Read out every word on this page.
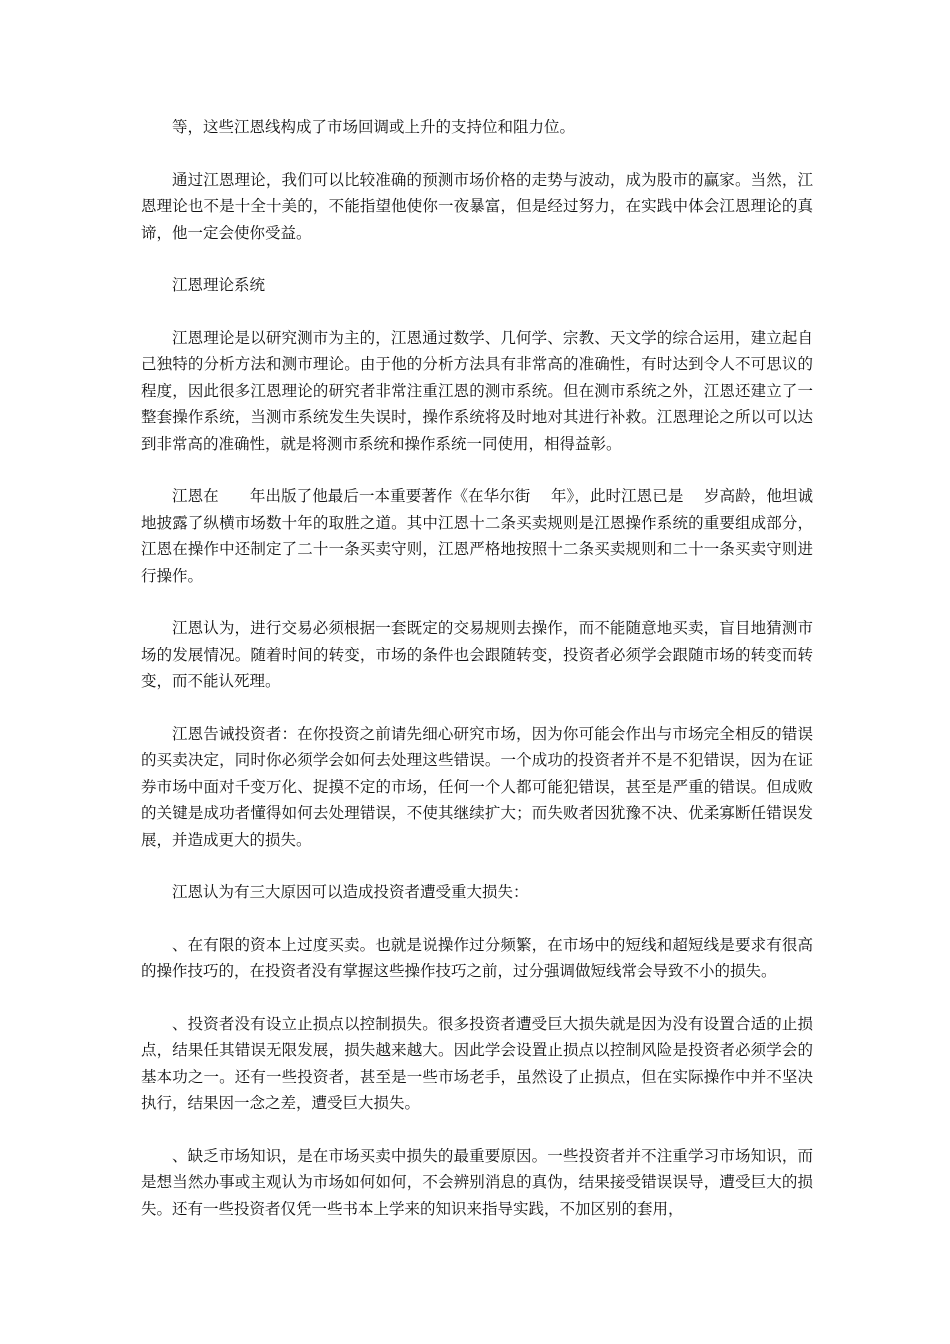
等，这些江恩线构成了市场回调或上升的支持位和阻力位。

通过江恩理论，我们可以比较准确的预测市场价格的走势与波动，成为股市的赢家。当然，江恩理论也不是十全十美的，不能指望他使你一夜暴富，但是经过努力，在实践中体会江恩理论的真谛，他一定会使你受益。

江恩理论系统

江恩理论是以研究测市为主的，江恩通过数学、几何学、宗教、天文学的综合运用，建立起自己独特的分析方法和测市理论。由于他的分析方法具有非常高的准确性，有时达到令人不可思议的程度，因此很多江恩理论的研究者非常注重江恩的测市系统。但在测市系统之外，江恩还建立了一整套操作系统，当测市系统发生失误时，操作系统将及时地对其进行补救。江恩理论之所以可以达到非常高的准确性，就是将测市系统和操作系统一同使用，相得益彰。

江恩在　　年出版了他最后一本重要著作《在华尔街　 年》，此时江恩已是　 岁高龄，他坦诚地披露了纵横市场数十年的取胜之道。其中江恩十二条买卖规则是江恩操作系统的重要组成部分，江恩在操作中还制定了二十一条买卖守则，江恩严格地按照十二条买卖规则和二十一条买卖守则进行操作。

江恩认为，进行交易必须根据一套既定的交易规则去操作，而不能随意地买卖，盲目地猜测市场的发展情况。随着时间的转变，市场的条件也会跟随转变，投资者必须学会跟随市场的转变而转变，而不能认死理。

江恩告诫投资者：在你投资之前请先细心研究市场，因为你可能会作出与市场完全相反的错误的买卖决定，同时你必须学会如何去处理这些错误。一个成功的投资者并不是不犯错误，因为在证券市场中面对千变万化、捉摸不定的市场，任何一个人都可能犯错误，甚至是严重的错误。但成败的关键是成功者懂得如何去处理错误，不使其继续扩大；而失败者因犹豫不决、优柔寡断任错误发展，并造成更大的损失。

江恩认为有三大原因可以造成投资者遭受重大损失：

、在有限的资本上过度买卖。也就是说操作过分频繁，在市场中的短线和超短线是要求有很高的操作技巧的，在投资者没有掌握这些操作技巧之前，过分强调做短线常会导致不小的损失。

、投资者没有设立止损点以控制损失。很多投资者遭受巨大损失就是因为没有设置合适的止损点，结果任其错误无限发展，损失越来越大。因此学会设置止损点以控制风险是投资者必须学会的基本功之一。还有一些投资者，甚至是一些市场老手，虽然设了止损点，但在实际操作中并不坚决执行，结果因一念之差，遭受巨大损失。

、缺乏市场知识，是在市场买卖中损失的最重要原因。一些投资者并不注重学习市场知识，而是想当然办事或主观认为市场如何如何，不会辨别消息的真伪，结果接受错误误导，遭受巨大的损失。还有一些投资者仅凭一些书本上学来的知识来指导实践，不加区别的套用，
